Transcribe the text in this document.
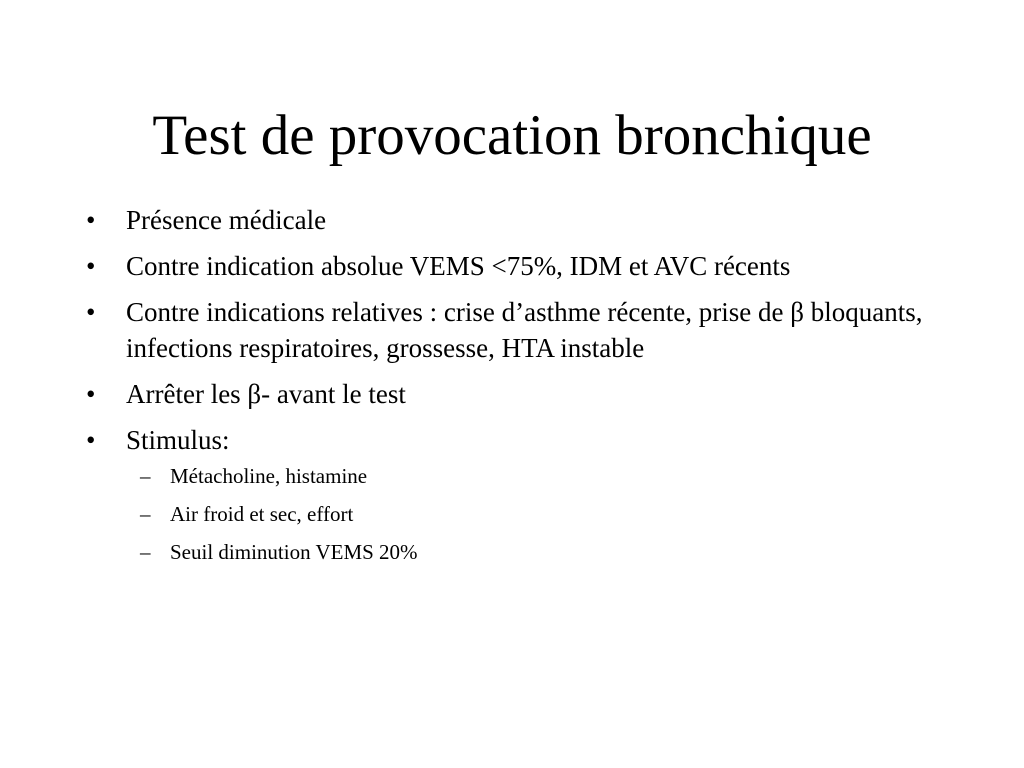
Test de provocation bronchique
•	Présence médicale
•	Contre indication absolue VEMS <75%, IDM et AVC récents
•	Contre indications relatives : crise d’asthme récente, prise de β bloquants, infections respiratoires, grossesse, HTA instable
•	Arrêter les β- avant le test
•	Stimulus:
– Métacholine, histamine
– Air froid et sec, effort
– Seuil diminution VEMS 20%
